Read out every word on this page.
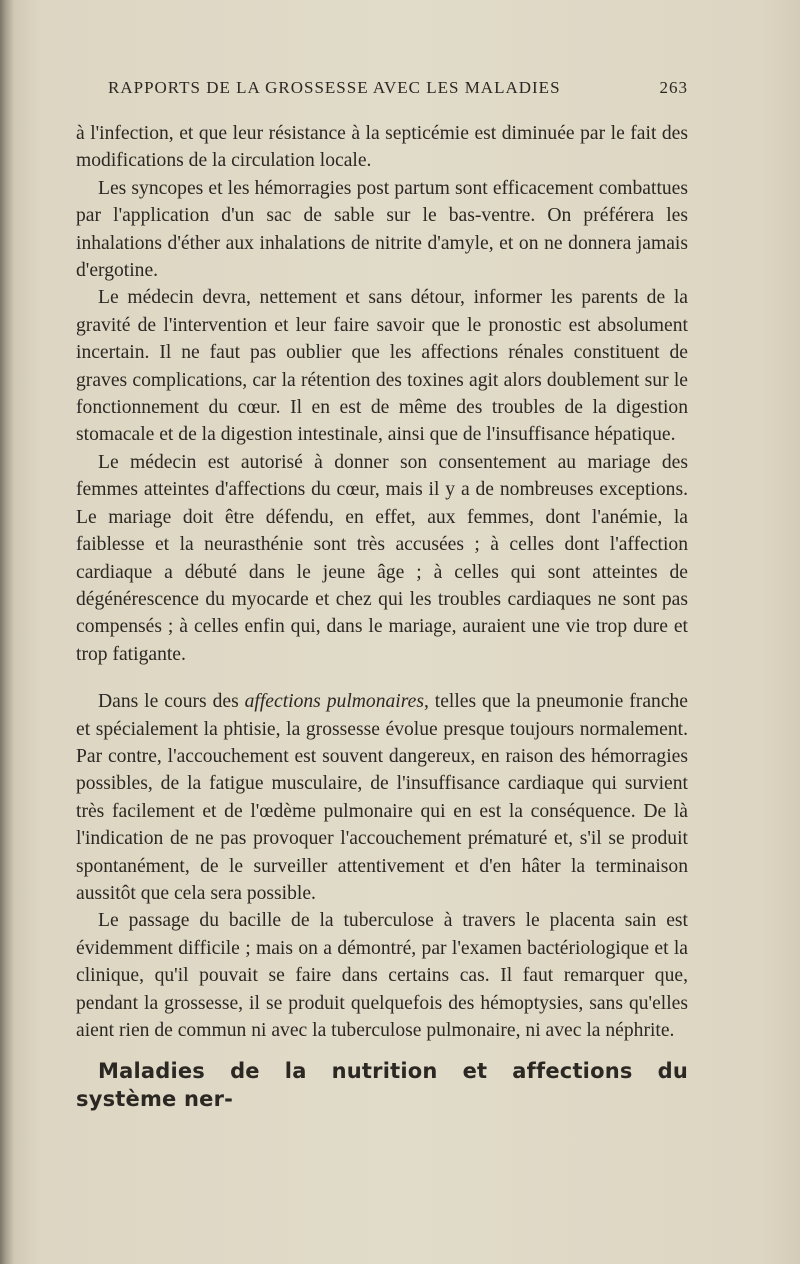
RAPPORTS DE LA GROSSESSE AVEC LES MALADIES	263

à l'infection, et que leur résistance à la septicémie est diminuée par le fait des modifications de la circulation locale.

Les syncopes et les hémorragies post partum sont efficacement combattues par l'application d'un sac de sable sur le bas-ventre. On préférera les inhalations d'éther aux inhalations de nitrite d'amyle, et on ne donnera jamais d'ergotine.

Le médecin devra, nettement et sans détour, informer les parents de la gravité de l'intervention et leur faire savoir que le pronostic est absolument incertain. Il ne faut pas oublier que les affections rénales constituent de graves complications, car la rétention des toxines agit alors doublement sur le fonctionnement du cœur. Il en est de même des troubles de la digestion stomacale et de la digestion intestinale, ainsi que de l'insuffisance hépatique.

Le médecin est autorisé à donner son consentement au mariage des femmes atteintes d'affections du cœur, mais il y a de nombreuses exceptions. Le mariage doit être défendu, en effet, aux femmes, dont l'anémie, la faiblesse et la neurasthénie sont très accusées ; à celles dont l'affection cardiaque a débuté dans le jeune âge ; à celles qui sont atteintes de dégénérescence du myocarde et chez qui les troubles cardiaques ne sont pas compensés ; à celles enfin qui, dans le mariage, auraient une vie trop dure et trop fatigante.

Dans le cours des affections pulmonaires, telles que la pneumonie franche et spécialement la phtisie, la grossesse évolue presque toujours normalement. Par contre, l'accouchement est souvent dangereux, en raison des hémorragies possibles, de la fatigue musculaire, de l'insuffisance cardiaque qui survient très facilement et de l'œdème pulmonaire qui en est la conséquence. De là l'indication de ne pas provoquer l'accouchement prématuré et, s'il se produit spontanément, de le surveiller attentivement et d'en hâter la terminaison aussitôt que cela sera possible.

Le passage du bacille de la tuberculose à travers le placenta sain est évidemment difficile ; mais on a démontré, par l'examen bactériologique et la clinique, qu'il pouvait se faire dans certains cas. Il faut remarquer que, pendant la grossesse, il se produit quelquefois des hémoptysies, sans qu'elles aient rien de commun ni avec la tuberculose pulmonaire, ni avec la néphrite.

Maladies de la nutrition et affections du système ner-
